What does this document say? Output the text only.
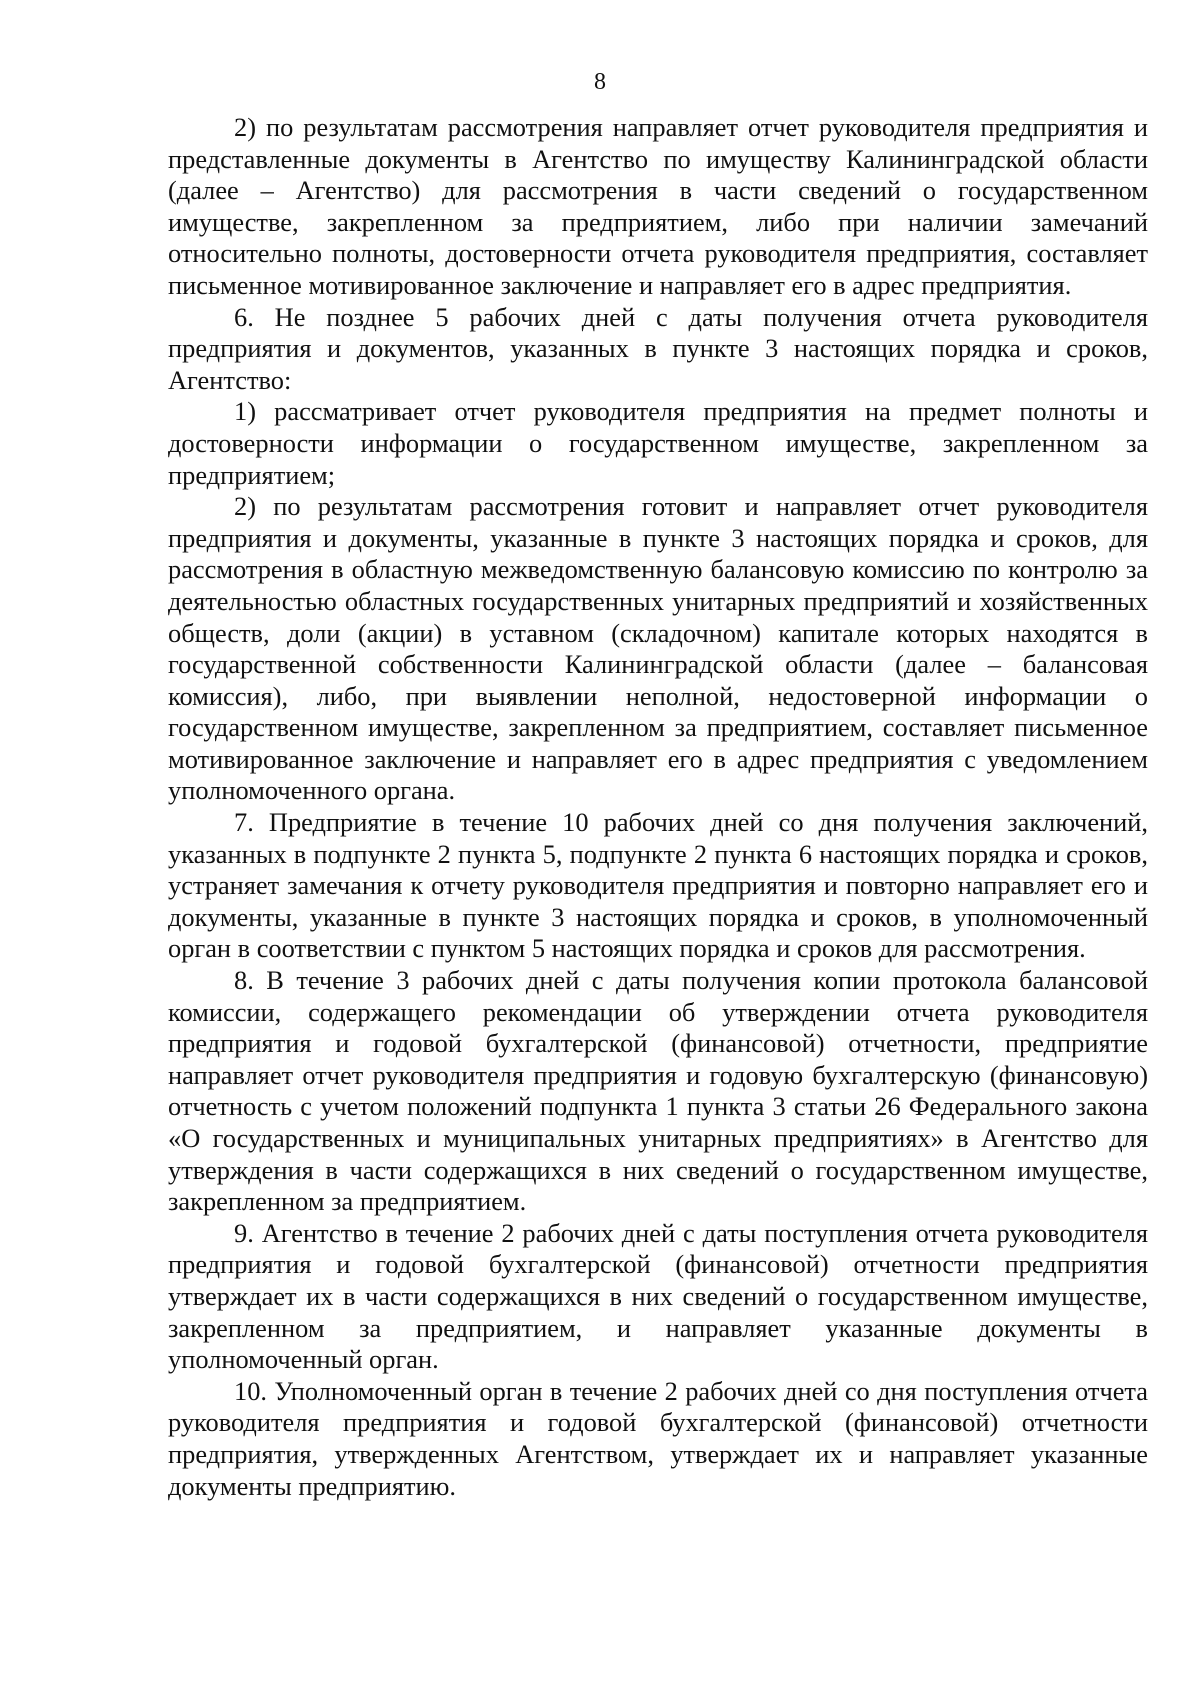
8

2) по результатам рассмотрения направляет отчет руководителя предприятия и представленные документы в Агентство по имуществу Калининградской области (далее – Агентство) для рассмотрения в части сведений о государственном имуществе, закрепленном за предприятием, либо при наличии замечаний относительно полноты, достоверности отчета руководителя предприятия, составляет письменное мотивированное заключение и направляет его в адрес предприятия.

6. Не позднее 5 рабочих дней с даты получения отчета руководителя предприятия и документов, указанных в пункте 3 настоящих порядка и сроков, Агентство:

1) рассматривает отчет руководителя предприятия на предмет полноты и достоверности информации о государственном имуществе, закрепленном за предприятием;

2) по результатам рассмотрения готовит и направляет отчет руководителя предприятия и документы, указанные в пункте 3 настоящих порядка и сроков, для рассмотрения в областную межведомственную балансовую комиссию по контролю за деятельностью областных государственных унитарных предприятий и хозяйственных обществ, доли (акции) в уставном (складочном) капитале которых находятся в государственной собственности Калининградской области (далее – балансовая комиссия), либо, при выявлении неполной, недостоверной информации о государственном имуществе, закрепленном за предприятием, составляет письменное мотивированное заключение и направляет его в адрес предприятия с уведомлением уполномоченного органа.

7. Предприятие в течение 10 рабочих дней со дня получения заключений, указанных в подпункте 2 пункта 5, подпункте 2 пункта 6 настоящих порядка и сроков, устраняет замечания к отчету руководителя предприятия и повторно направляет его и документы, указанные в пункте 3 настоящих порядка и сроков, в уполномоченный орган в соответствии с пунктом 5 настоящих порядка и сроков для рассмотрения.

8. В течение 3 рабочих дней с даты получения копии протокола балансовой комиссии, содержащего рекомендации об утверждении отчета руководителя предприятия и годовой бухгалтерской (финансовой) отчетности, предприятие направляет отчет руководителя предприятия и годовую бухгалтерскую (финансовую) отчетность с учетом положений подпункта 1 пункта 3 статьи 26 Федерального закона «О государственных и муниципальных унитарных предприятиях» в Агентство для утверждения в части содержащихся в них сведений о государственном имуществе, закрепленном за предприятием.

9. Агентство в течение 2 рабочих дней с даты поступления отчета руководителя предприятия и годовой бухгалтерской (финансовой) отчетности предприятия утверждает их в части содержащихся в них сведений о государственном имуществе, закрепленном за предприятием, и направляет указанные документы в уполномоченный орган.

10. Уполномоченный орган в течение 2 рабочих дней со дня поступления отчета руководителя предприятия и годовой бухгалтерской (финансовой) отчетности предприятия, утвержденных Агентством, утверждает их и направляет указанные документы предприятию.
